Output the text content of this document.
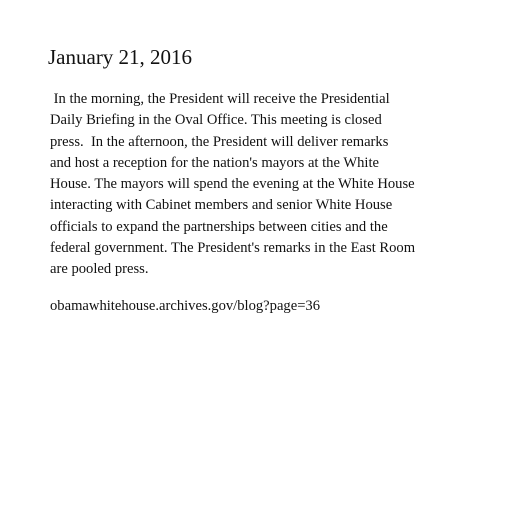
January 21, 2016
In the morning, the President will receive the Presidential
Daily Briefing in the Oval Office. This meeting is closed
press.  In the afternoon, the President will deliver remarks
and host a reception for the nation's mayors at the White
House. The mayors will spend the evening at the White House
interacting with Cabinet members and senior White House
officials to expand the partnerships between cities and the
federal government. The President's remarks in the East Room
are pooled press.
obamawhitehouse.archives.gov/blog?page=36
